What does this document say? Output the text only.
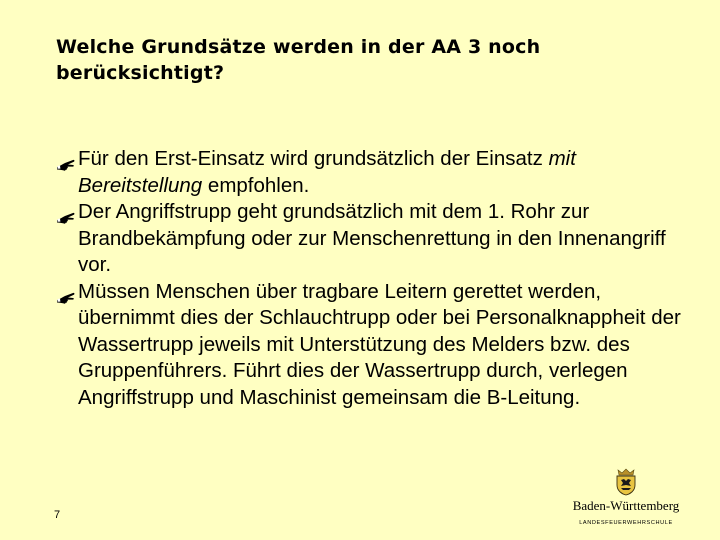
Welche Grundsätze werden in der AA 3 noch berücksichtigt?
Für den Erst-Einsatz wird grundsätzlich der Einsatz mit Bereitstellung empfohlen.
Der Angriffstrupp geht grundsätzlich mit dem 1. Rohr zur Brandbekämpfung oder zur Menschenrettung in den Innenangriff vor.
Müssen Menschen über tragbare Leitern gerettet werden, übernimmt dies der Schlauchtrupp oder bei Personalknappheit der Wassertrupp jeweils mit Unterstützung des Melders bzw. des Gruppenführers. Führt dies der Wassertrupp durch, verlegen Angriffstrupp und Maschinist gemeinsam die B-Leitung.
7
Baden-Württemberg
LANDESFEUERWEHRSCHULE
